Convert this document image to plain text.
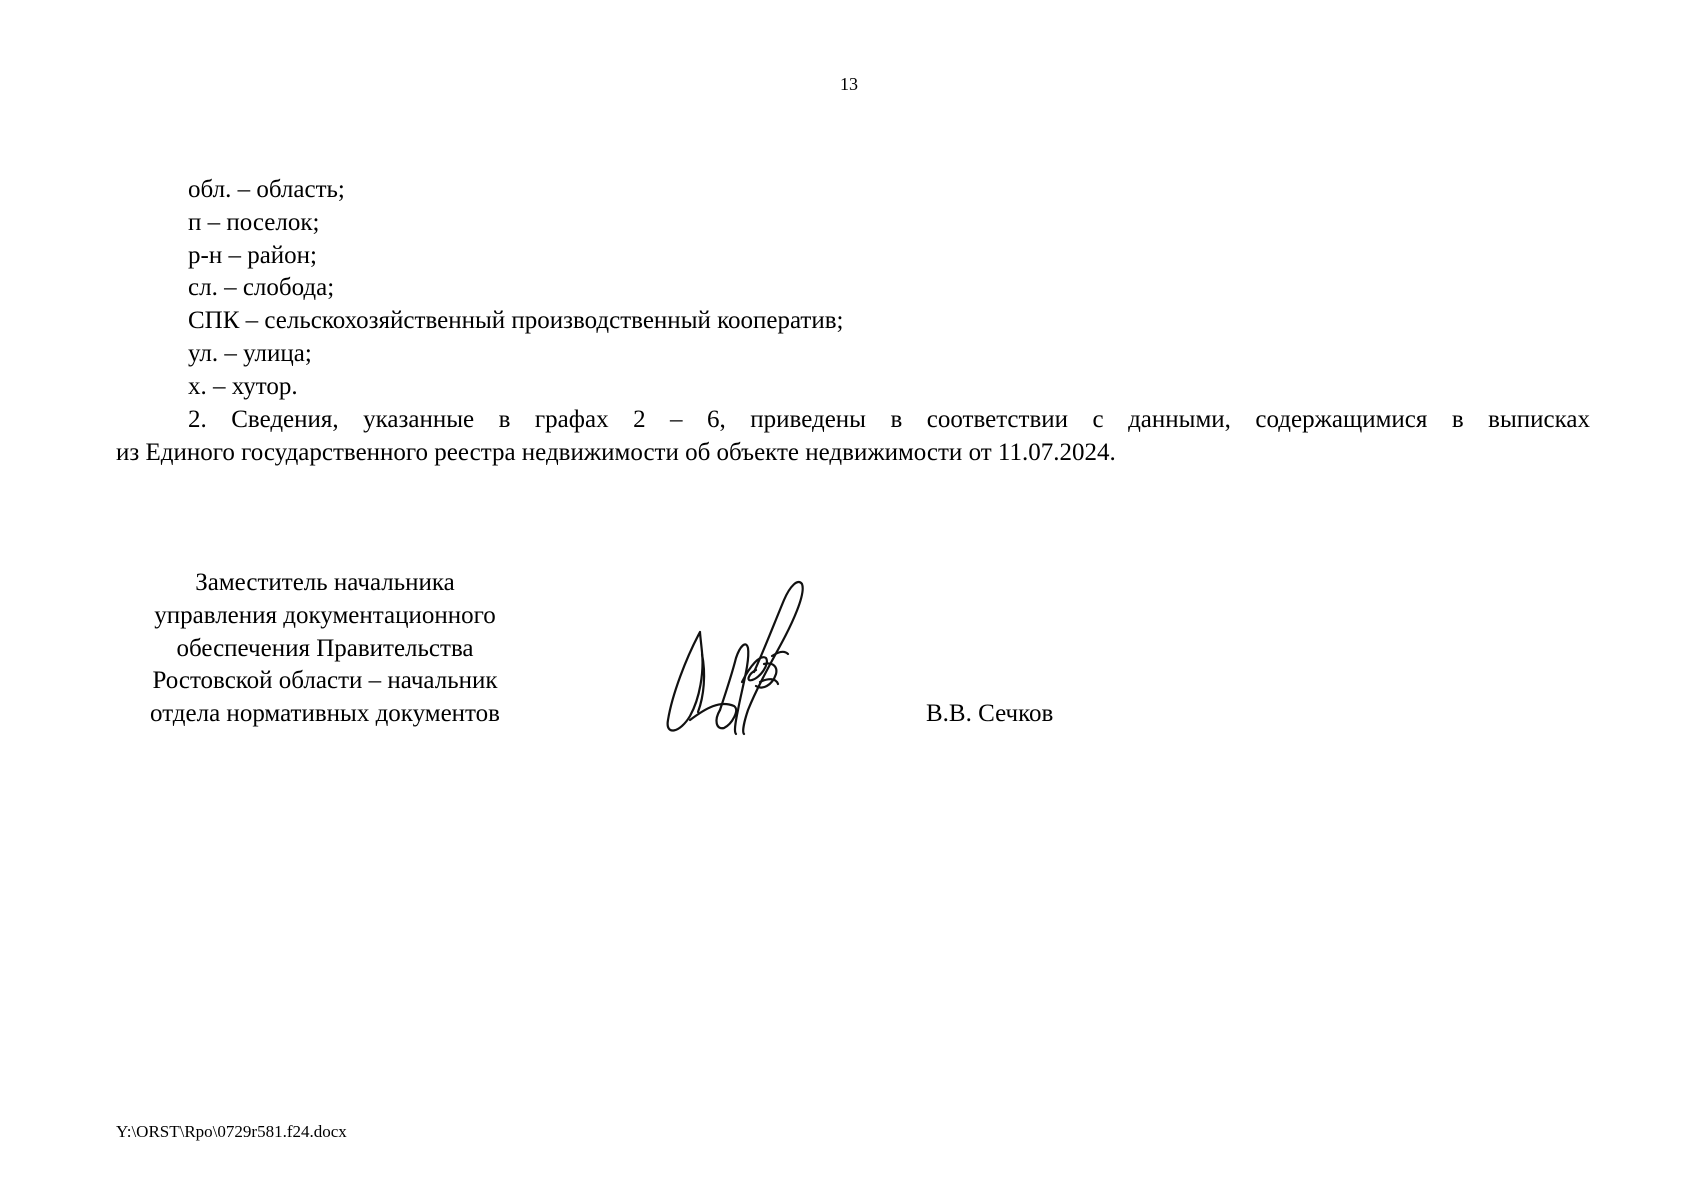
13
обл. – область;
п – поселок;
р-н – район;
сл. – слобода;
СПК – сельскохозяйственный производственный кооператив;
ул. – улица;
х. – хутор.
2. Сведения, указанные в графах 2 – 6, приведены в соответствии с данными, содержащимися в выписках
из Единого государственного реестра недвижимости об объекте недвижимости от 11.07.2024.
Заместитель начальника
управления документационного
обеспечения Правительства
Ростовской области – начальник
отдела нормативных документов	В.В. Сечков
Y:\ORST\Rpo\0729r581.f24.docx
